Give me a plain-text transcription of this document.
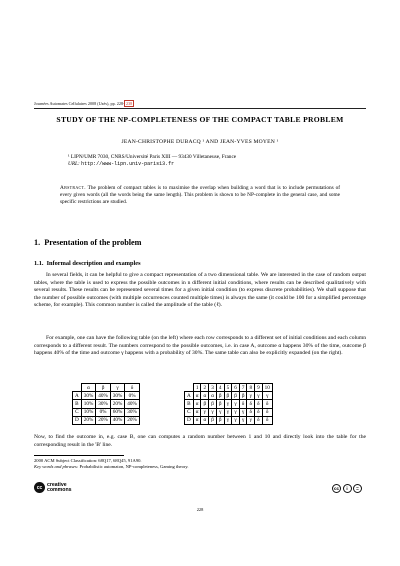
Journées Automates Cellulaires 2008 (Uzès), pp. 228- 238
STUDY OF THE NP-COMPLETENESS OF THE COMPACT TABLE PROBLEM
JEAN-CHRISTOPHE DUBACQ ¹ AND JEAN-YVES MOYEN ¹
¹ LIPN/UMR 7030, CNRS/Université Paris XIII — 93430 Villetaneuse, France
URL: http://www-lipn.univ-paris13.fr
Abstract. The problem of compact tables is to maximise the overlap when building a word that is to include permutations of every given words (all the words being the same length). This problem is shown to be NP-complete in the general case, and some specific restrictions are studied.
1. Presentation of the problem
1.1. Informal description and examples
In several fields, it can be helpful to give a compact representation of a two dimensional table. We are interested in the case of random output tables, where the table is used to express the possible outcomes in n different initial conditions, where results can be described qualitatively with several results. These results can be represented several times for a given initial condition (to express discrete probabilities). We shall suppose that the number of possible outcomes (with multiple occurrences counted multiple times) is always the same (it could be 100 for a simplified percentage scheme, for example). This common number is called the amplitude of the table (ℓ).
For example, one can have the following table (on the left) where each row corresponds to a different set of initial conditions and each column corresponds to a different result. The numbers correspond to the possible outcomes, i.e. in case A, outcome α happens 30% of the time, outcome β happens 40% of the time and outcome γ happens with a probability of 30%. The same table can also be explicitly expanded (on the right).
	α	β	γ	δ
A	30%	40%	30%	0%
B	10%	30%	20%	40%
C	10%	0%	60%	30%
D	20%	20%	40%	20%
	1	2	3	4	5	6	7	8	9	10
A	α	α	α	β	β	β	β	γ	γ	γ
B	α	β	β	β	γ	γ	δ	δ	δ	δ
C	α	γ	γ	γ	γ	γ	γ	δ	δ	δ
D	α	α	β	β	γ	γ	γ	γ	δ	δ
Now, to find the outcome in, e.g. case B, one can computes a random number between 1 and 10 and directly look into the table for the corresponding result in the 'B' line.
2000 ACM Subject Classification: 68Q17, 68Q45, 91A90.
Key words and phrases: Probabilistic automaton, NP-completeness, Gaming theory.
cc creative
commons	cc	i	=
228
